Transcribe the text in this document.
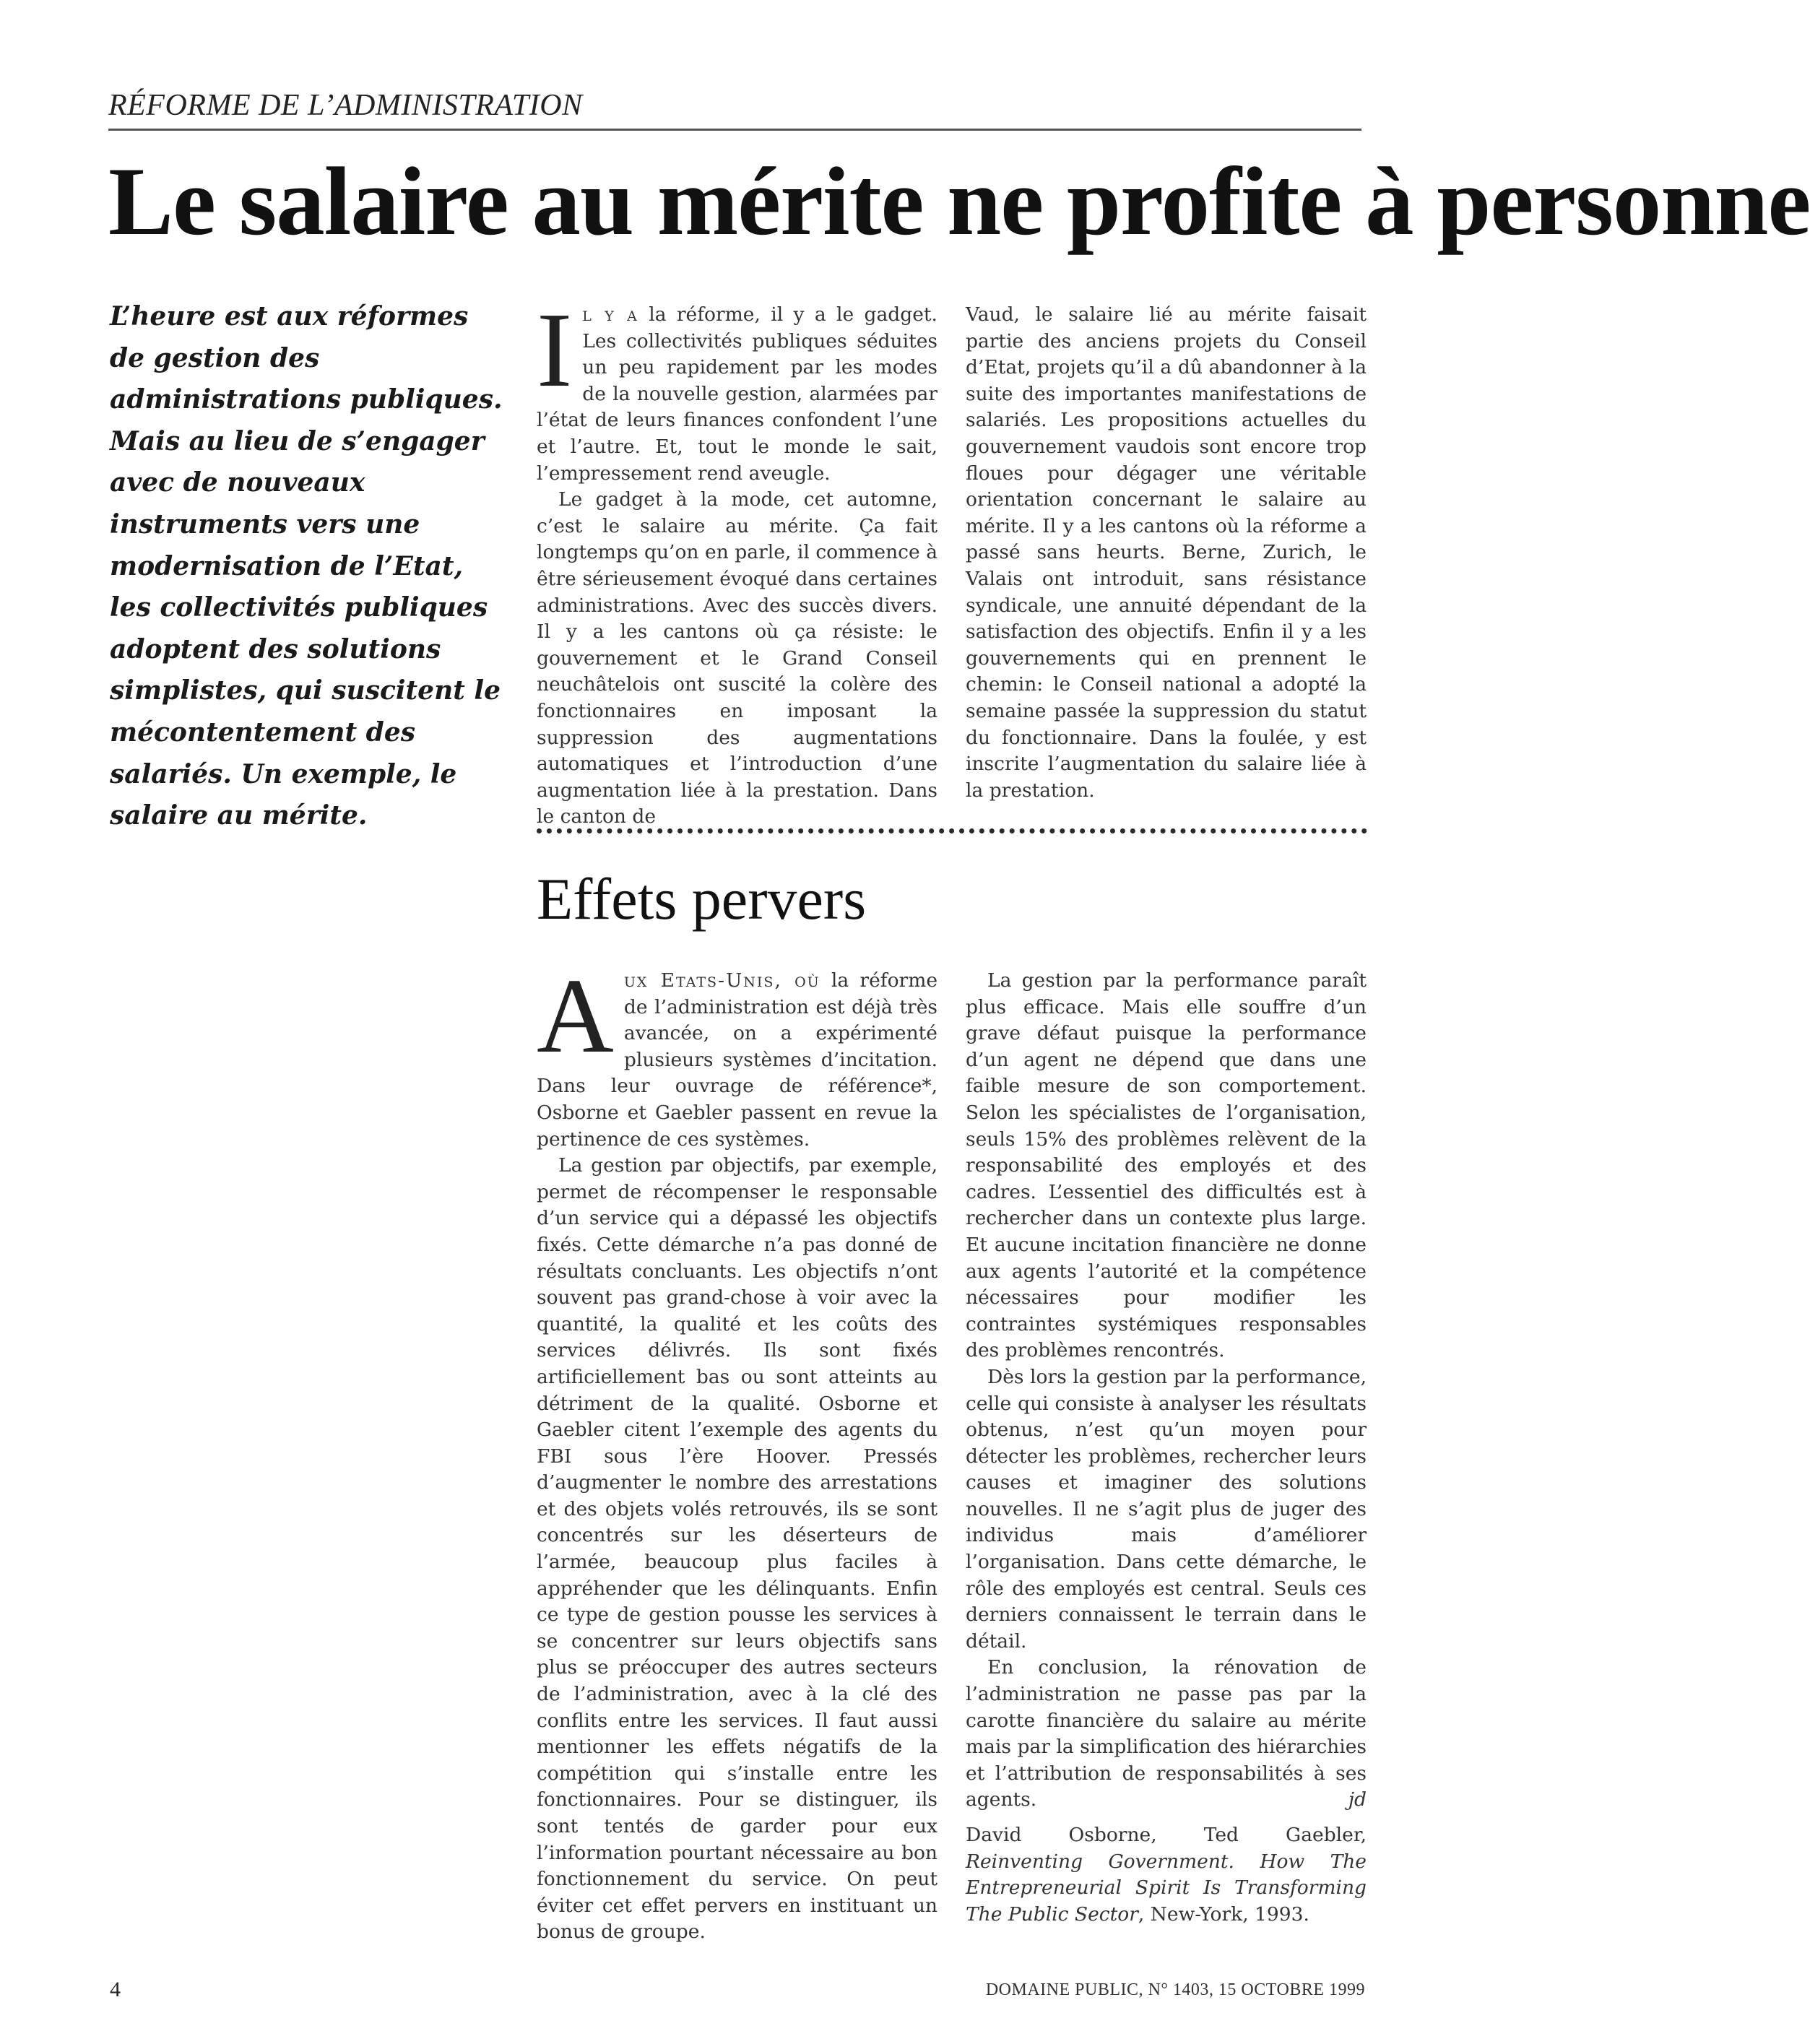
RÉFORME DE L’ADMINISTRATION
Le salaire au mérite ne profite à personne

L’heure est aux réformes de gestion des administrations publiques. Mais au lieu de s’engager avec de nouveaux instruments vers une modernisation de l’Etat, les collectivités publiques adoptent des solutions simplistes, qui suscitent le mécontentement des salariés. Un exemple, le salaire au mérite.

Il y a la réforme, il y a le gadget. Les collectivités publiques séduites un peu rapidement par les modes de la nouvelle gestion, alarmées par l’état de leurs finances confondent l’une et l’autre. Et, tout le monde le sait, l’empressement rend aveugle.

Le gadget à la mode, cet automne, c’est le salaire au mérite. Ça fait longtemps qu’on en parle, il commence à être sérieusement évoqué dans certaines administrations. Avec des succès divers. Il y a les cantons où ça résiste: le gouvernement et le Grand Conseil neuchâtelois ont suscité la colère des fonctionnaires en imposant la suppression des augmentations automatiques et l’introduction d’une augmentation liée à la prestation. Dans le canton de

Vaud, le salaire lié au mérite faisait partie des anciens projets du Conseil d’Etat, projets qu’il a dû abandonner à la suite des importantes manifestations de salariés. Les propositions actuelles du gouvernement vaudois sont encore trop floues pour dégager une véritable orientation concernant le salaire au mérite. Il y a les cantons où la réforme a passé sans heurts. Berne, Zurich, le Valais ont introduit, sans résistance syndicale, une annuité dépendant de la satisfaction des objectifs. Enfin il y a les gouvernements qui en prennent le chemin: le Conseil national a adopté la semaine passée la suppression du statut du fonctionnaire. Dans la foulée, y est inscrite l’augmentation du salaire liée à la prestation.

Effets pervers

Aux Etats-Unis, où la réforme de l’administration est déjà très avancée, on a expérimenté plusieurs systèmes d’incitation. Dans leur ouvrage de référence*, Osborne et Gaebler passent en revue la pertinence de ces systèmes.

La gestion par objectifs, par exemple, permet de récompenser le responsable d’un service qui a dépassé les objectifs fixés. Cette démarche n’a pas donné de résultats concluants. Les objectifs n’ont souvent pas grand-chose à voir avec la quantité, la qualité et les coûts des services délivrés. Ils sont fixés artificiellement bas ou sont atteints au détriment de la qualité. Osborne et Gaebler citent l’exemple des agents du FBI sous l’ère Hoover. Pressés d’augmenter le nombre des arrestations et des objets volés retrouvés, ils se sont concentrés sur les déserteurs de l’armée, beaucoup plus faciles à appréhender que les délinquants. Enfin ce type de gestion pousse les services à se concentrer sur leurs objectifs sans plus se préoccuper des autres secteurs de l’administration, avec à la clé des conflits entre les services. Il faut aussi mentionner les effets négatifs de la compétition qui s’installe entre les fonctionnaires. Pour se distinguer, ils sont tentés de garder pour eux l’information pourtant nécessaire au bon fonctionnement du service. On peut éviter cet effet pervers en instituant un bonus de groupe.

La gestion par la performance paraît plus efficace. Mais elle souffre d’un grave défaut puisque la performance d’un agent ne dépend que dans une faible mesure de son comportement. Selon les spécialistes de l’organisation, seuls 15% des problèmes relèvent de la responsabilité des employés et des cadres. L’essentiel des difficultés est à rechercher dans un contexte plus large. Et aucune incitation financière ne donne aux agents l’autorité et la compétence nécessaires pour modifier les contraintes systémiques responsables des problèmes rencontrés.

Dès lors la gestion par la performance, celle qui consiste à analyser les résultats obtenus, n’est qu’un moyen pour détecter les problèmes, rechercher leurs causes et imaginer des solutions nouvelles. Il ne s’agit plus de juger des individus mais d’améliorer l’organisation. Dans cette démarche, le rôle des employés est central. Seuls ces derniers connaissent le terrain dans le détail.

En conclusion, la rénovation de l’administration ne passe pas par la carotte financière du salaire au mérite mais par la simplification des hiérarchies et l’attribution de responsabilités à ses agents.	jd

David Osborne, Ted Gaebler, Reinventing Government. How The Entrepreneurial Spirit Is Transforming The Public Sector, New-York, 1993.

4	DOMAINE PUBLIC, N° 1403, 15 OCTOBRE 1999
